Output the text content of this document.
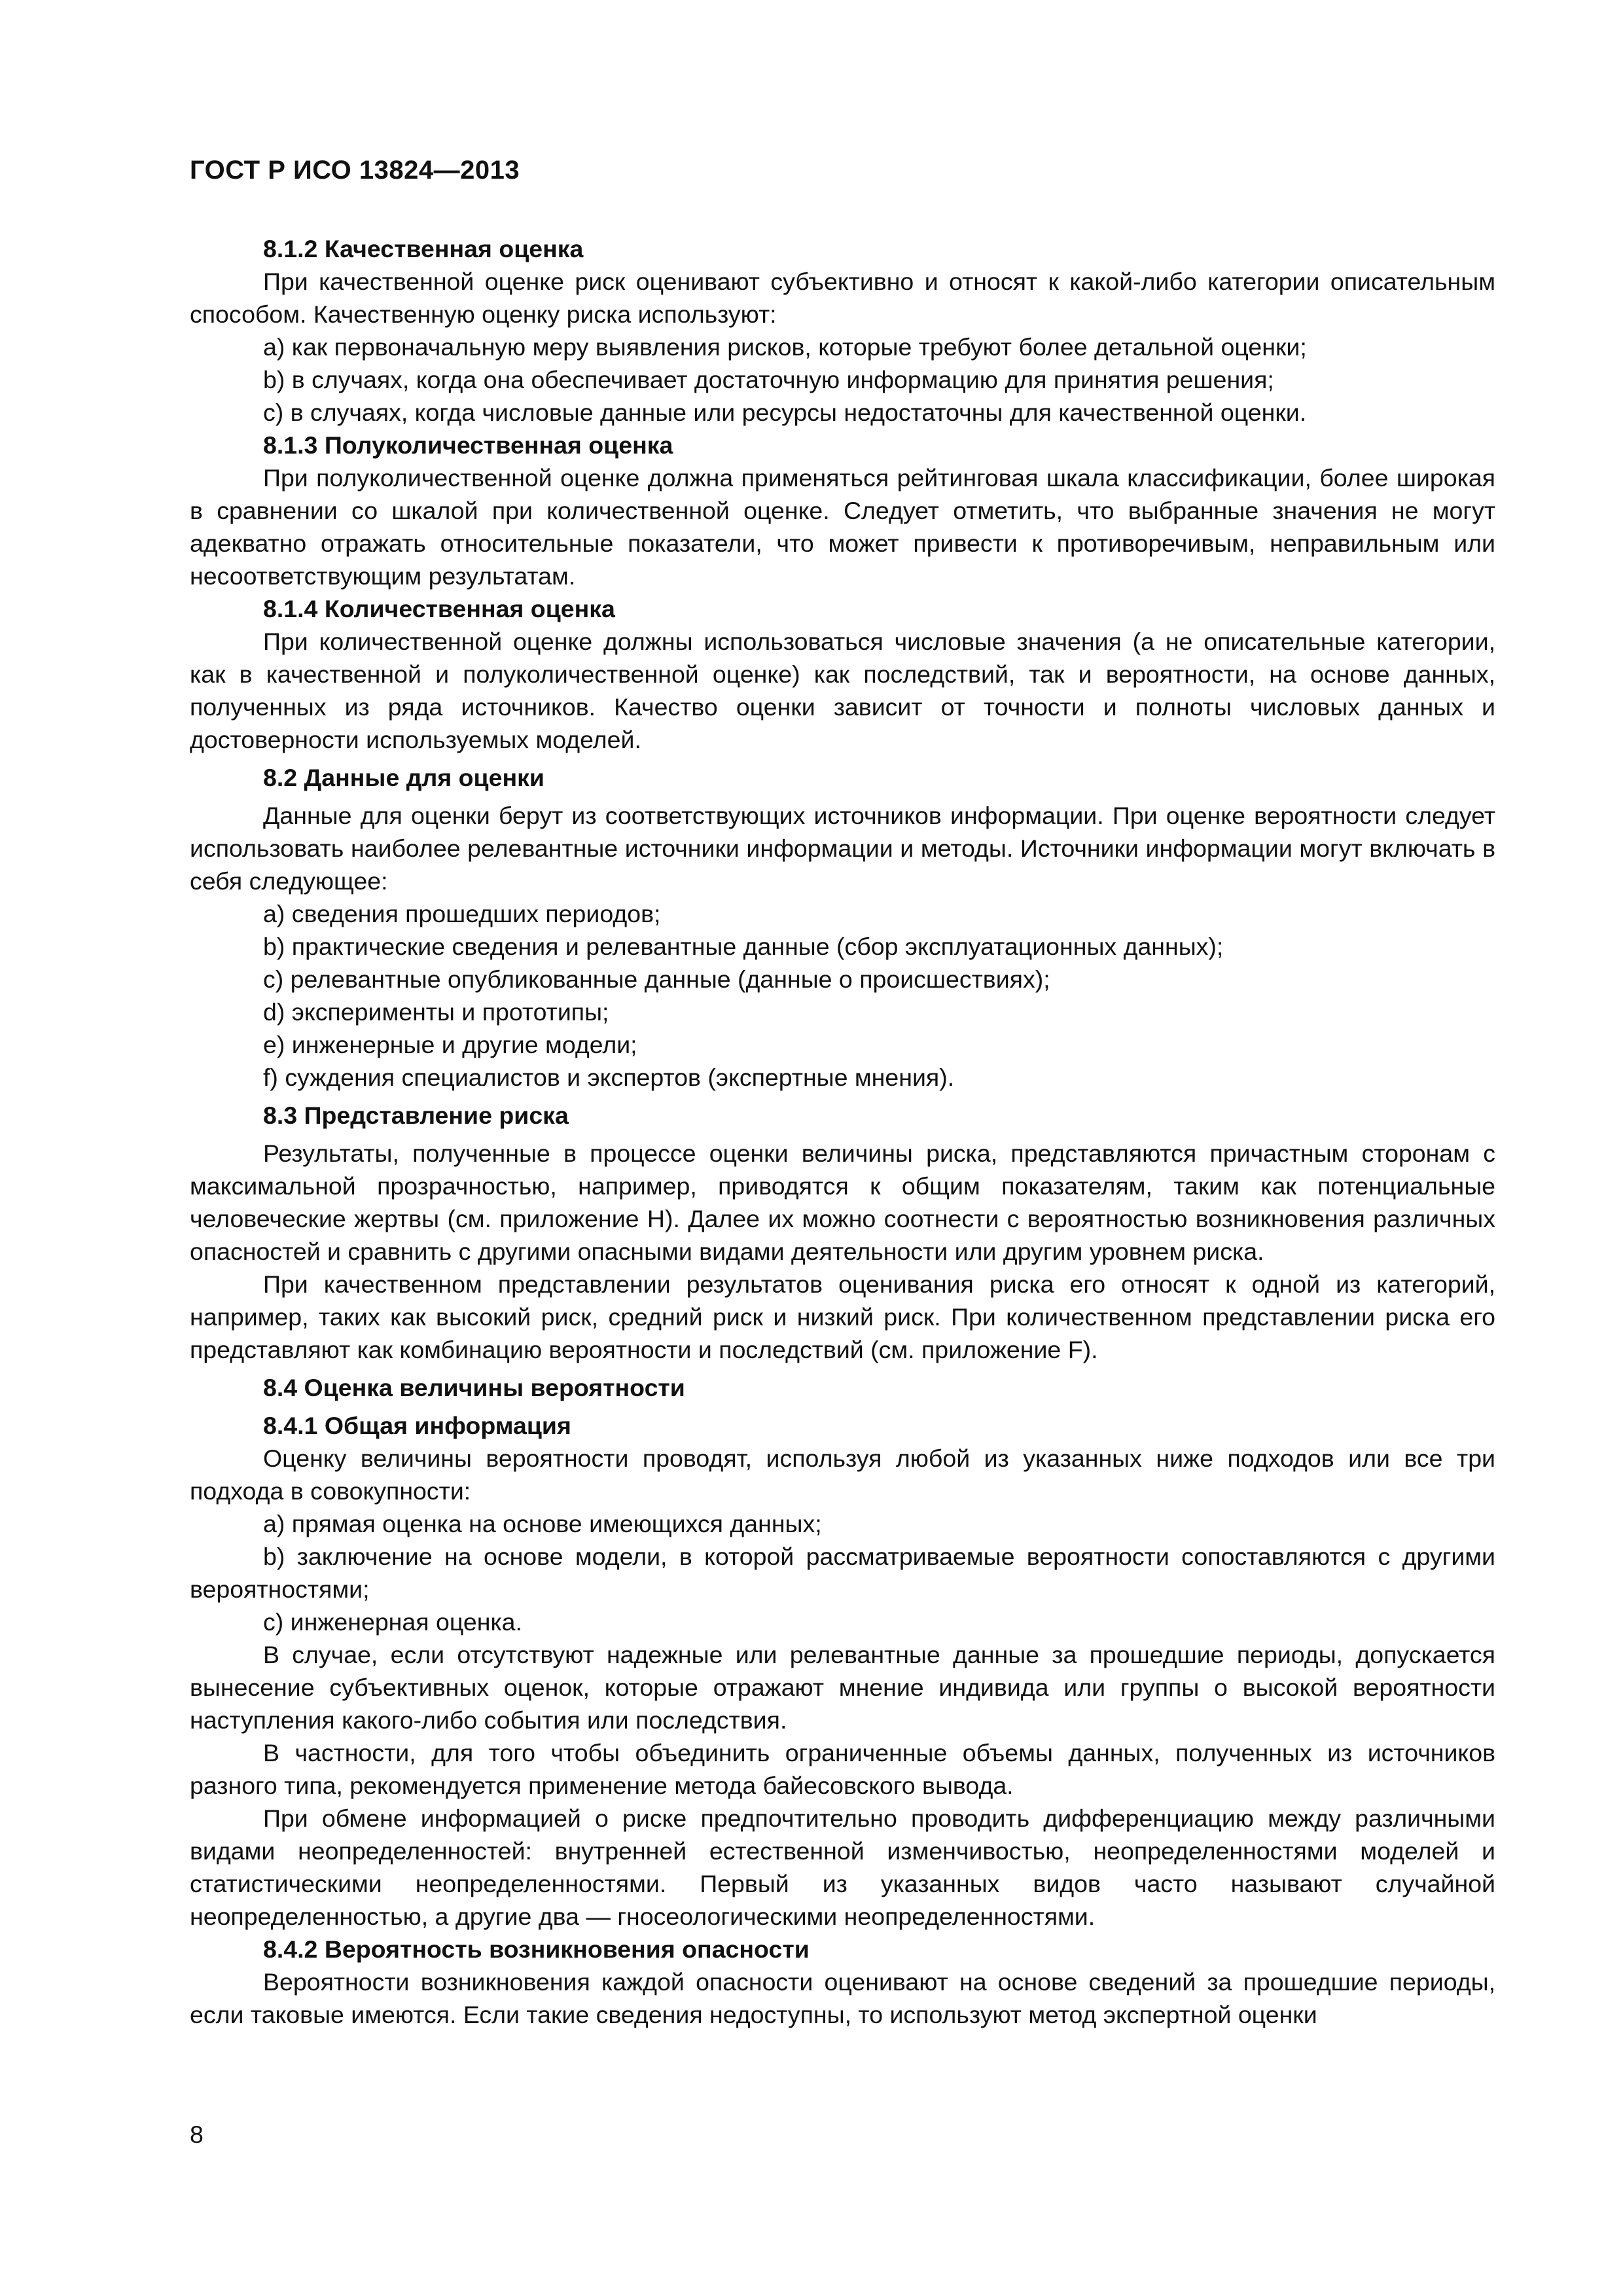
ГОСТ Р ИСО 13824—2013
8.1.2 Качественная оценка

При качественной оценке риск оценивают субъективно и относят к какой-либо категории описательным способом. Качественную оценку риска используют:

а) как первоначальную меру выявления рисков, которые требуют более детальной оценки;

b) в случаях, когда она обеспечивает достаточную информацию для принятия решения;

с) в случаях, когда числовые данные или ресурсы недостаточны для качественной оценки.

8.1.3 Полуколичественная оценка

При полуколичественной оценке должна применяться рейтинговая шкала классификации, более широкая в сравнении со шкалой при количественной оценке. Следует отметить, что выбранные значения не могут адекватно отражать относительные показатели, что может привести к противоречивым, неправильным или несоответствующим результатам.

8.1.4 Количественная оценка

При количественной оценке должны использоваться числовые значения (а не описательные категории, как в качественной и полуколичественной оценке) как последствий, так и вероятности, на основе данных, полученных из ряда источников. Качество оценки зависит от точности и полноты числовых данных и достоверности используемых моделей.

8.2 Данные для оценки

Данные для оценки берут из соответствующих источников информации. При оценке вероятности следует использовать наиболее релевантные источники информации и методы. Источники информации могут включать в себя следующее:

а) сведения прошедших периодов;

b) практические сведения и релевантные данные (сбор эксплуатационных данных);

с) релевантные опубликованные данные (данные о происшествиях);

d) эксперименты и прототипы;

е) инженерные и другие модели;

f) суждения специалистов и экспертов (экспертные мнения).

8.3 Представление риска

Результаты, полученные в процессе оценки величины риска, представляются причастным сторонам с максимальной прозрачностью, например, приводятся к общим показателям, таким как потенциальные человеческие жертвы (см. приложение Н). Далее их можно соотнести с вероятностью возникновения различных опасностей и сравнить с другими опасными видами деятельности или другим уровнем риска.

При качественном представлении результатов оценивания риска его относят к одной из категорий, например, таких как высокий риск, средний риск и низкий риск. При количественном представлении риска его представляют как комбинацию вероятности и последствий (см. приложение F).

8.4 Оценка величины вероятности
8.4.1 Общая информация

Оценку величины вероятности проводят, используя любой из указанных ниже подходов или все три подхода в совокупности:

а) прямая оценка на основе имеющихся данных;

b) заключение на основе модели, в которой рассматриваемые вероятности сопоставляются с другими вероятностями;

с) инженерная оценка.

В случае, если отсутствуют надежные или релевантные данные за прошедшие периоды, допускается вынесение субъективных оценок, которые отражают мнение индивида или группы о высокой вероятности наступления какого-либо события или последствия.

В частности, для того чтобы объединить ограниченные объемы данных, полученных из источников разного типа, рекомендуется применение метода байесовского вывода.

При обмене информацией о риске предпочтительно проводить дифференциацию между различными видами неопределенностей: внутренней естественной изменчивостью, неопределенностями моделей и статистическими неопределенностями. Первый из указанных видов часто называют случайной неопределенностью, а другие два — гносеологическими неопределенностями.

8.4.2 Вероятность возникновения опасности

Вероятности возникновения каждой опасности оценивают на основе сведений за прошедшие периоды, если таковые имеются. Если такие сведения недоступны, то используют метод экспертной оценки

8
